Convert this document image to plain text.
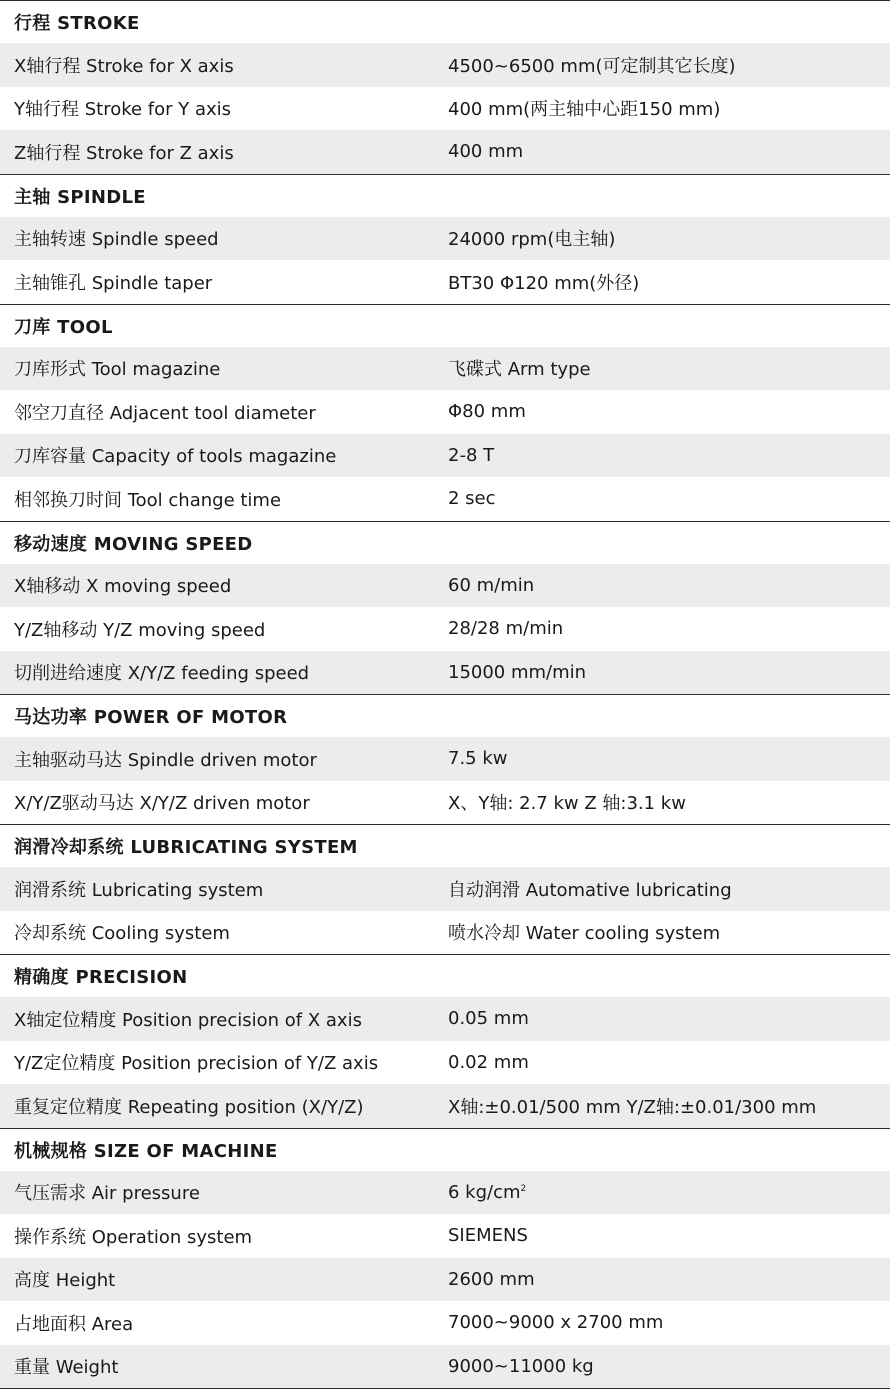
行程 STROKE
X轴行程 Stroke for X axis	4500~6500 mm(可定制其它长度)
Y轴行程 Stroke for Y axis	400 mm(两主轴中心距150 mm)
Z轴行程 Stroke for Z axis	400 mm
主轴 SPINDLE
主轴转速 Spindle speed	24000 rpm(电主轴)
主轴锥孔 Spindle taper	BT30 Φ120 mm(外径)
刀库 TOOL
刀库形式 Tool magazine	飞碟式 Arm type
邻空刀直径 Adjacent tool diameter	Φ80 mm
刀库容量 Capacity of tools magazine	2-8 T
相邻换刀时间 Tool change time	2 sec
移动速度 MOVING SPEED
X轴移动 X moving speed	60 m/min
Y/Z轴移动 Y/Z moving speed	28/28 m/min
切削进给速度 X/Y/Z feeding speed	15000 mm/min
马达功率 POWER OF MOTOR
主轴驱动马达 Spindle driven motor	7.5 kw
X/Y/Z驱动马达 X/Y/Z driven motor	X、Y轴: 2.7 kw Z 轴:3.1 kw
润滑冷却系统 LUBRICATING SYSTEM
润滑系统 Lubricating system	自动润滑 Automative lubricating
冷却系统 Cooling system	喷水冷却 Water cooling system
精确度 PRECISION
X轴定位精度 Position precision of X axis	0.05 mm
Y/Z定位精度 Position precision of Y/Z axis	0.02 mm
重复定位精度 Repeating position (X/Y/Z)	X轴:±0.01/500 mm Y/Z轴:±0.01/300 mm
机械规格 SIZE OF MACHINE
气压需求 Air pressure	6 $kg/cm^2$
操作系统 Operation system	SIEMENS
高度 Height	2600 mm
占地面积 Area	7000~9000 x 2700 mm
重量 Weight	9000~11000 kg
